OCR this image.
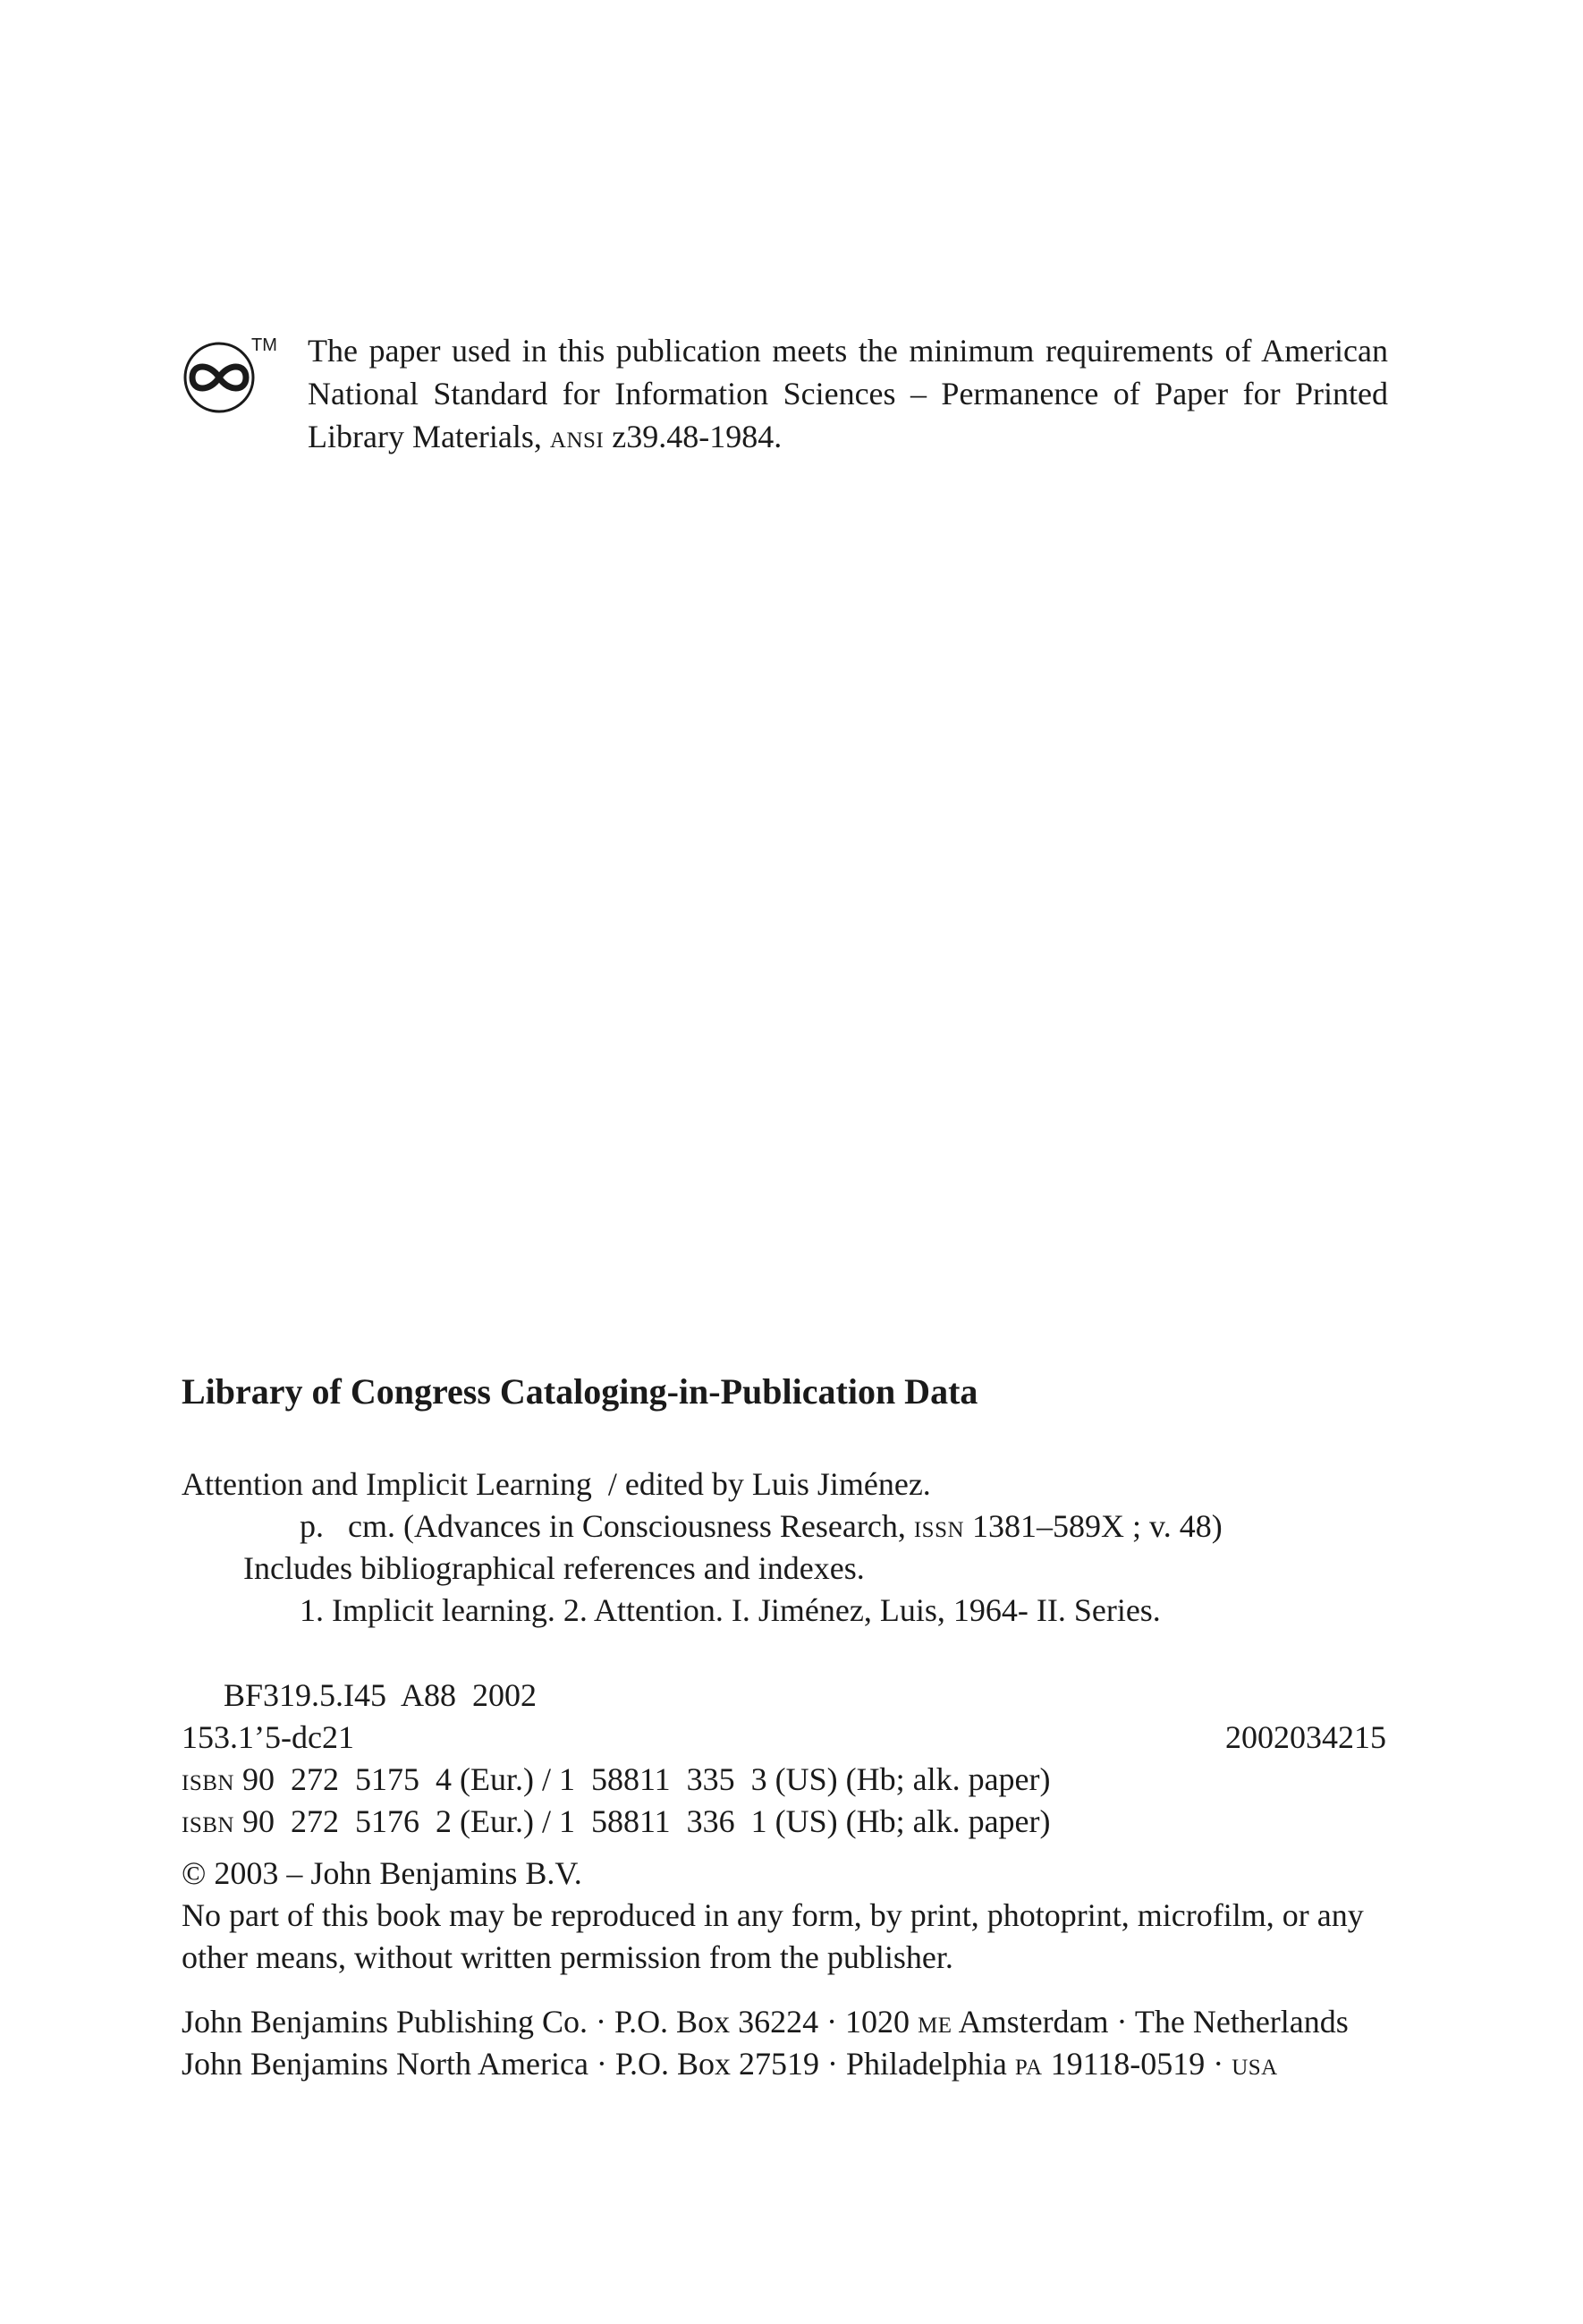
TM The paper used in this publication meets the minimum requirements of American
National Standard for Information Sciences – Permanence of Paper for Printed
Library Materials, ansi z39.48-1984.
Library of Congress Cataloging-in-Publication Data
Attention and Implicit Learning  / edited by Luis Jiménez.
p.   cm. (Advances in Consciousness Research, issn 1381–589X ; v. 48)
Includes bibliographical references and indexes.
1. Implicit learning. 2. Attention. I. Jiménez, Luis, 1964- II. Series.
BF319.5.I45  A88  2002
153.1’5-dc21	2002034215
isbn 90  272  5175  4 (Eur.) / 1  58811  335  3 (US) (Hb; alk. paper)
isbn 90  272  5176  2 (Eur.) / 1  58811  336  1 (US) (Hb; alk. paper)
© 2003 – John Benjamins B.V.
No part of this book may be reproduced in any form, by print, photoprint, microfilm, or any
other means, without written permission from the publisher.
John Benjamins Publishing Co. · P.O. Box 36224 · 1020 me Amsterdam · The Netherlands
John Benjamins North America · P.O. Box 27519 · Philadelphia pa 19118-0519 · usa
